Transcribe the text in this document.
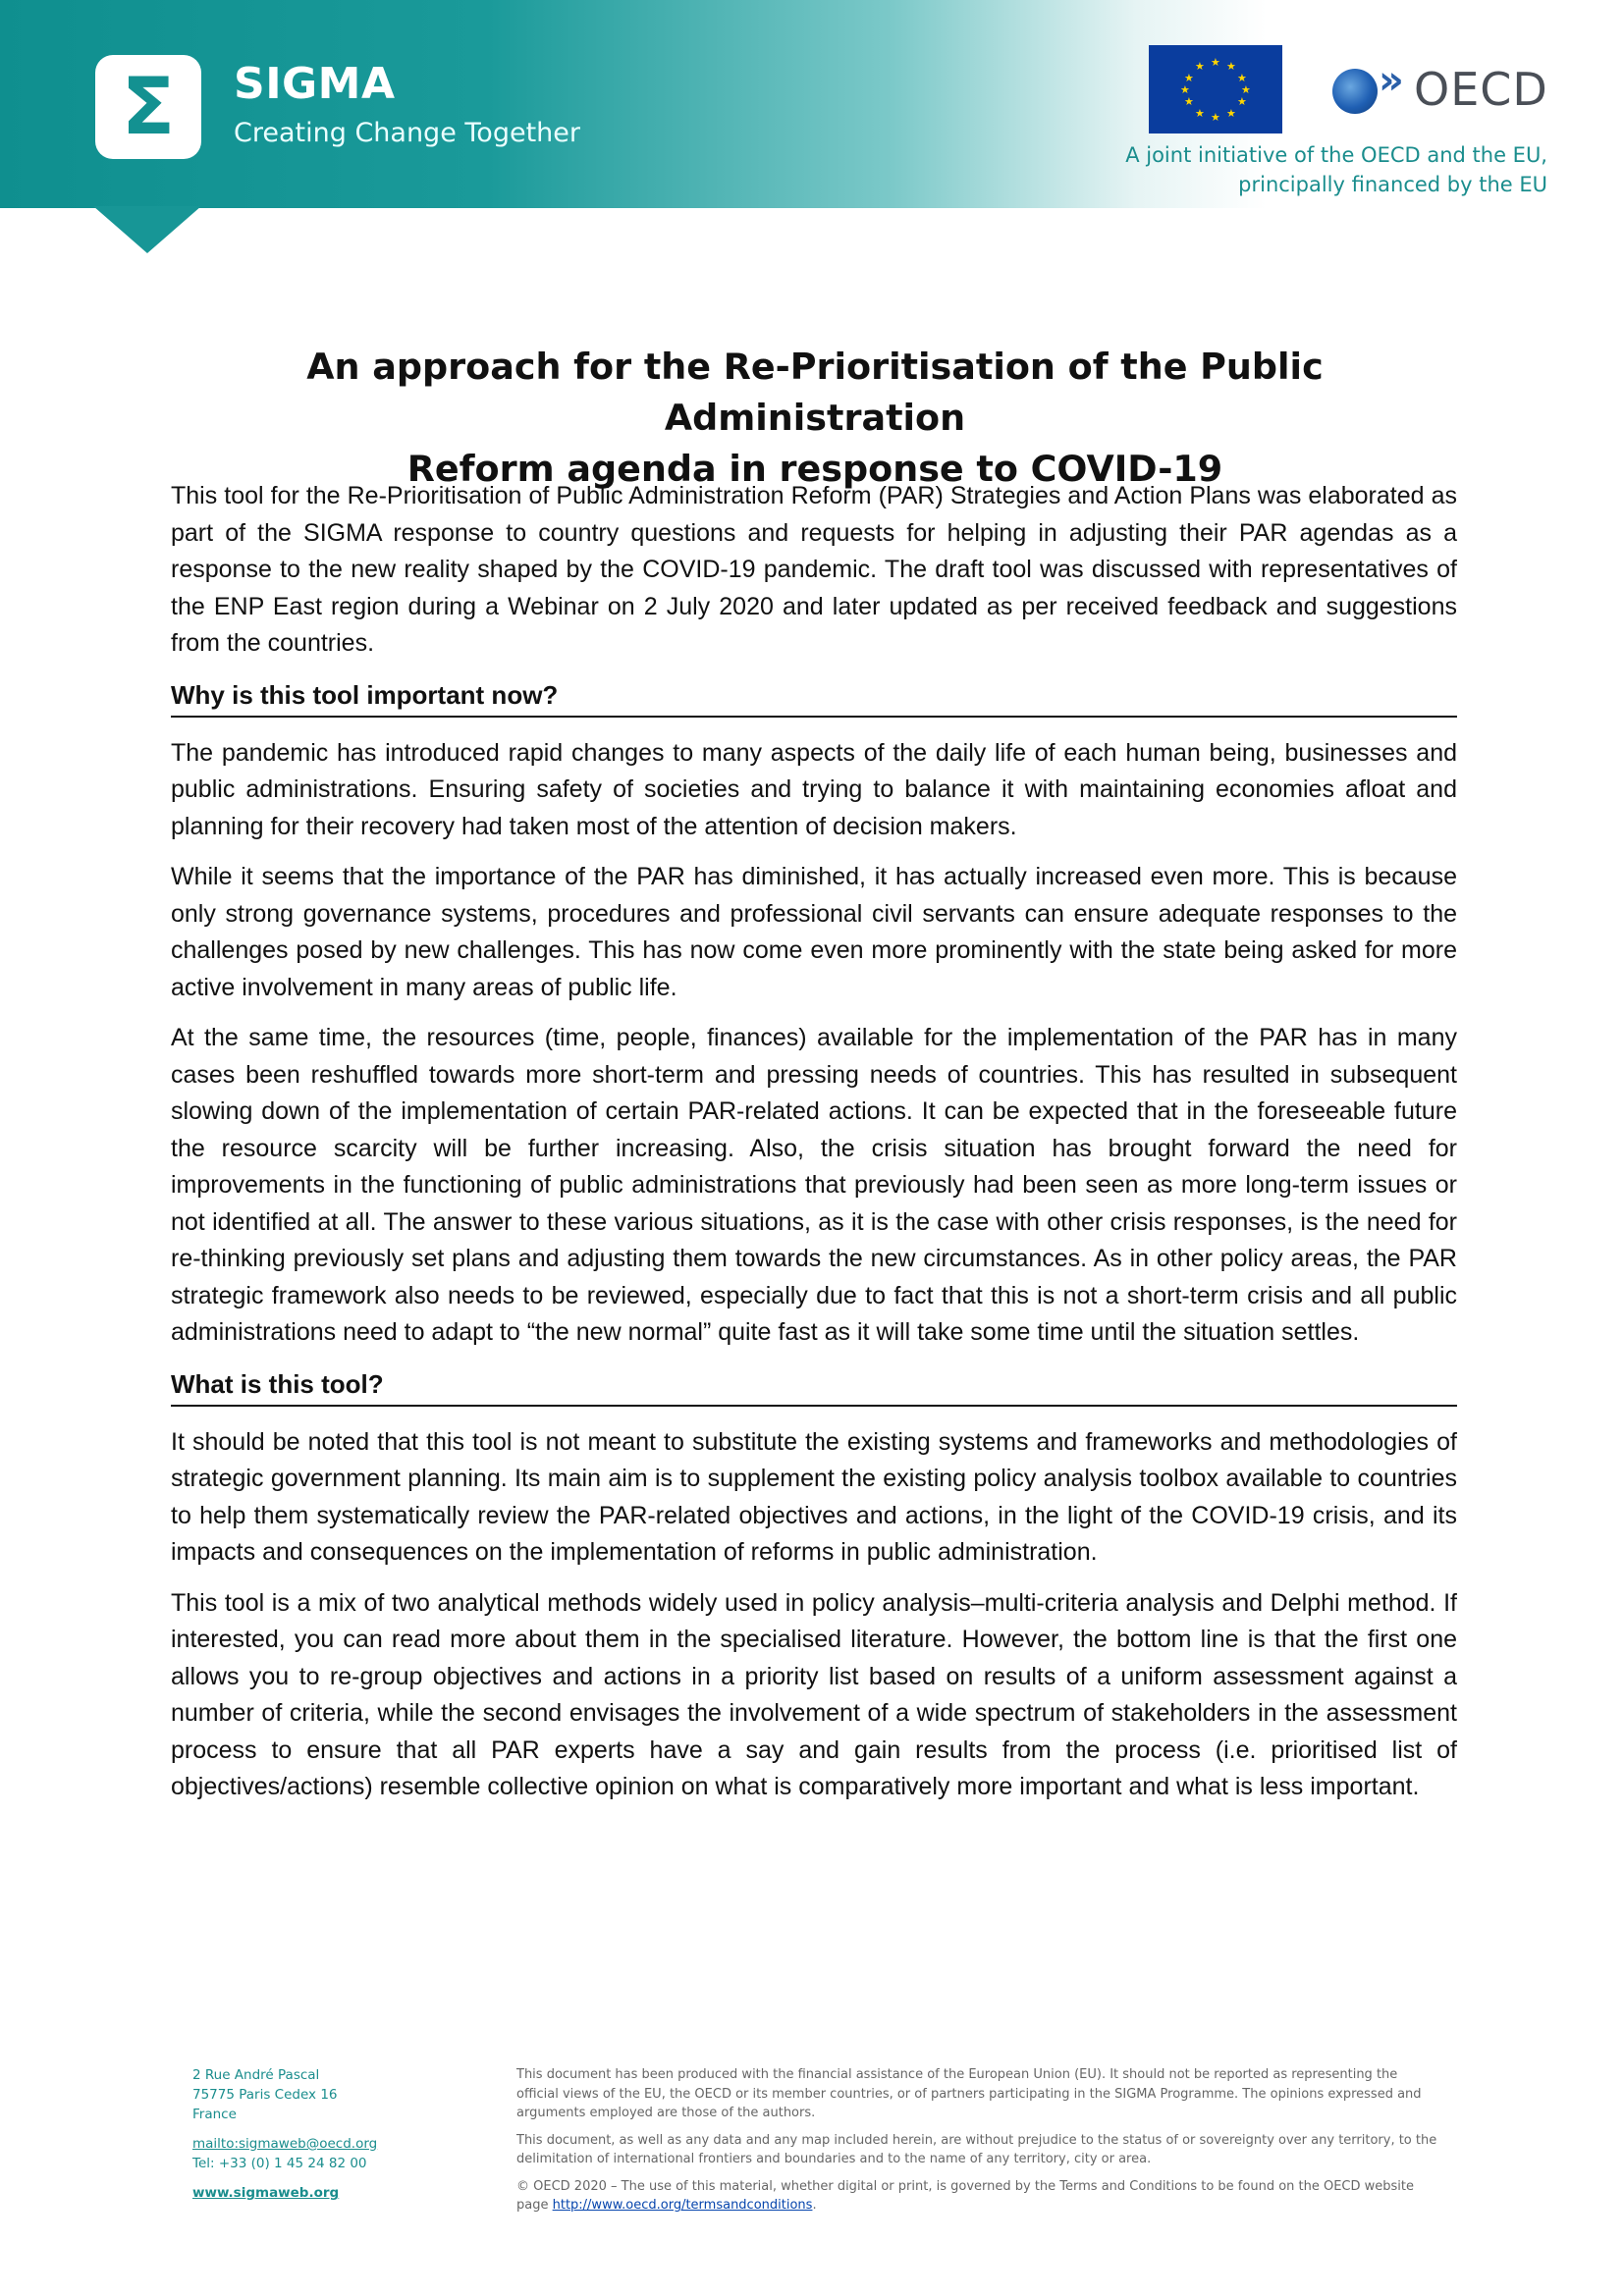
Σ SIGMA
Creating Change Together
★ ★
★
★
★
★
★
★
★
★
★
★	» OECD
A joint initiative of the OECD and the EU,
principally financed by the EU
An approach for the Re-Prioritisation of the Public Administration
Reform agenda in response to COVID-19

This tool for the Re-Prioritisation of Public Administration Reform (PAR) Strategies and Action Plans was elaborated as part of the SIGMA response to country questions and requests for helping in adjusting their PAR agendas as a response to the new reality shaped by the COVID-19 pandemic. The draft tool was discussed with representatives of the ENP East region during a Webinar on 2 July 2020 and later updated as per received feedback and suggestions from the countries.

Why is this tool important now?

The pandemic has introduced rapid changes to many aspects of the daily life of each human being, businesses and public administrations. Ensuring safety of societies and trying to balance it with maintaining economies afloat and planning for their recovery had taken most of the attention of decision makers.

While it seems that the importance of the PAR has diminished, it has actually increased even more. This is because only strong governance systems, procedures and professional civil servants can ensure adequate responses to the challenges posed by new challenges. This has now come even more prominently with the state being asked for more active involvement in many areas of public life.

At the same time, the resources (time, people, finances) available for the implementation of the PAR has in many cases been reshuffled towards more short-term and pressing needs of countries. This has resulted in subsequent slowing down of the implementation of certain PAR-related actions. It can be expected that in the foreseeable future the resource scarcity will be further increasing. Also, the crisis situation has brought forward the need for improvements in the functioning of public administrations that previously had been seen as more long-term issues or not identified at all. The answer to these various situations, as it is the case with other crisis responses, is the need for re-thinking previously set plans and adjusting them towards the new circumstances. As in other policy areas, the PAR strategic framework also needs to be reviewed, especially due to fact that this is not a short-term crisis and all public administrations need to adapt to “the new normal” quite fast as it will take some time until the situation settles.

What is this tool?

It should be noted that this tool is not meant to substitute the existing systems and frameworks and methodologies of strategic government planning. Its main aim is to supplement the existing policy analysis toolbox available to countries to help them systematically review the PAR-related objectives and actions, in the light of the COVID-19 crisis, and its impacts and consequences on the implementation of reforms in public administration.

This tool is a mix of two analytical methods widely used in policy analysis–multi-criteria analysis and Delphi method. If interested, you can read more about them in the specialised literature. However, the bottom line is that the first one allows you to re-group objectives and actions in a priority list based on results of a uniform assessment against a number of criteria, while the second envisages the involvement of a wide spectrum of stakeholders in the assessment process to ensure that all PAR experts have a say and gain results from the process (i.e. prioritised list of objectives/actions) resemble collective opinion on what is comparatively more important and what is less important.

2 Rue André Pascal
75775 Paris Cedex 16
France
mailto:sigmaweb@oecd.org
Tel: +33 (0) 1 45 24 82 00
www.sigmaweb.org

This document has been produced with the financial assistance of the European Union (EU). It should not be reported as representing the official views of the EU, the OECD or its member countries, or of partners participating in the SIGMA Programme. The opinions expressed and arguments employed are those of the authors.

This document, as well as any data and any map included herein, are without prejudice to the status of or sovereignty over any territory, to the delimitation of international frontiers and boundaries and to the name of any territory, city or area.

© OECD 2020 – The use of this material, whether digital or print, is governed by the Terms and Conditions to be found on the OECD website page http://www.oecd.org/termsandconditions.
